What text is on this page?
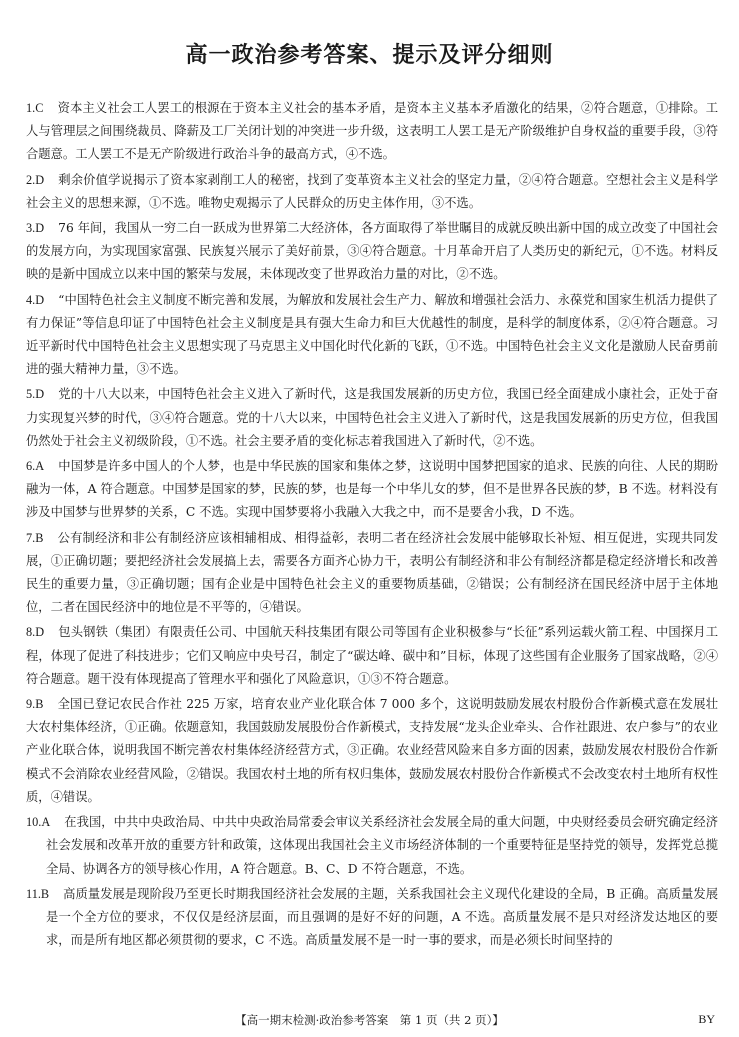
高一政治参考答案、提示及评分细则
1.C 资本主义社会工人罢工的根源在于资本主义社会的基本矛盾，是资本主义基本矛盾激化的结果，②符合题意，①排除。工人与管理层之间围绕裁员、降薪及工厂关闭计划的冲突进一步升级，这表明工人罢工是无产阶级维护自身权益的重要手段，③符合题意。工人罢工不是无产阶级进行政治斗争的最高方式，④不选。
2.D 剩余价值学说揭示了资本家剥削工人的秘密，找到了变革资本主义社会的坚定力量，②④符合题意。空想社会主义是科学社会主义的思想来源，①不选。唯物史观揭示了人民群众的历史主体作用，③不选。
3.D 76 年间，我国从一穷二白一跃成为世界第二大经济体，各方面取得了举世瞩目的成就反映出新中国的成立改变了中国社会的发展方向，为实现国家富强、民族复兴展示了美好前景，③④符合题意。十月革命开启了人类历史的新纪元，①不选。材料反映的是新中国成立以来中国的繁荣与发展，未体现改变了世界政治力量的对比，②不选。
4.D “中国特色社会主义制度不断完善和发展，为解放和发展社会生产力、解放和增强社会活力、永葆党和国家生机活力提供了有力保证”等信息印证了中国特色社会主义制度是具有强大生命力和巨大优越性的制度，是科学的制度体系，②④符合题意。习近平新时代中国特色社会主义思想实现了马克思主义中国化时代化新的飞跃，①不选。中国特色社会主义文化是激励人民奋勇前进的强大精神力量，③不选。
5.D 党的十八大以来，中国特色社会主义进入了新时代，这是我国发展新的历史方位，我国已经全面建成小康社会，正处于奋力实现复兴梦的时代，③④符合题意。党的十八大以来，中国特色社会主义进入了新时代，这是我国发展新的历史方位，但我国仍然处于社会主义初级阶段，①不选。社会主要矛盾的变化标志着我国进入了新时代，②不选。
6.A 中国梦是许多中国人的个人梦，也是中华民族的国家和集体之梦，这说明中国梦把国家的追求、民族的向往、人民的期盼融为一体，A 符合题意。中国梦是国家的梦，民族的梦，也是每一个中华儿女的梦，但不是世界各民族的梦，B 不选。材料没有涉及中国梦与世界梦的关系，C 不选。实现中国梦要将小我融入大我之中，而不是要舍小我，D 不选。
7.B 公有制经济和非公有制经济应该相辅相成、相得益彰，表明二者在经济社会发展中能够取长补短、相互促进，实现共同发展，①正确切题；要把经济社会发展搞上去，需要各方面齐心协力干，表明公有制经济和非公有制经济都是稳定经济增长和改善民生的重要力量，③正确切题；国有企业是中国特色社会主义的重要物质基础，②错误；公有制经济在国民经济中居于主体地位，二者在国民经济中的地位是不平等的，④错误。
8.D 包头钢铁（集团）有限责任公司、中国航天科技集团有限公司等国有企业积极参与“长征”系列运载火箭工程、中国探月工程，体现了促进了科技进步；它们又响应中央号召，制定了“碳达峰、碳中和”目标，体现了这些国有企业服务了国家战略，②④符合题意。题干没有体现提高了管理水平和强化了风险意识，①③不符合题意。
9.B 全国已登记农民合作社 225 万家，培育农业产业化联合体 7 000 多个，这说明鼓励发展农村股份合作新模式意在发展壮大农村集体经济，①正确。依题意知，我国鼓励发展股份合作新模式，支持发展“龙头企业牵头、合作社跟进、农户参与”的农业产业化联合体，说明我国不断完善农村集体经济经营方式，③正确。农业经营风险来自多方面的因素，鼓励发展农村股份合作新模式不会消除农业经营风险，②错误。我国农村土地的所有权归集体，鼓励发展农村股份合作新模式不会改变农村土地所有权性质，④错误。
10.A 在我国，中共中央政治局、中共中央政治局常委会审议关系经济社会发展全局的重大问题，中央财经委员会研究确定经济社会发展和改革开放的重要方针和政策，这体现出我国社会主义市场经济体制的一个重要特征是坚持党的领导，发挥党总揽全局、协调各方的领导核心作用，A 符合题意。B、C、D 不符合题意，不选。
11.B 高质量发展是现阶段乃至更长时期我国经济社会发展的主题，关系我国社会主义现代化建设的全局，B 正确。高质量发展是一个全方位的要求，不仅仅是经济层面，而且强调的是好不好的问题，A 不选。高质量发展不是只对经济发达地区的要求，而是所有地区都必须贯彻的要求，C 不选。高质量发展不是一时一事的要求，而是必须长时间坚持的
【高一期末检测·政治参考答案　第 1 页（共 2 页）】	BY
